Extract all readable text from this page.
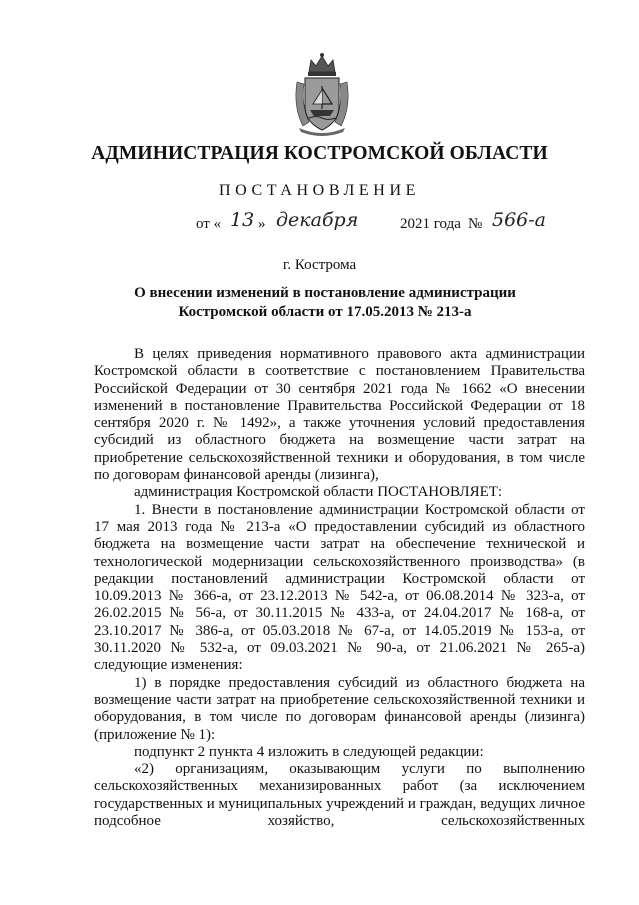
АДМИНИСТРАЦИЯ КОСТРОМСКОЙ ОБЛАСТИ
ПОСТАНОВЛЕНИЕ
от « 13 » декабря	2021 года № 566-а
г. Кострома
О внесении изменений в постановление администрации
Костромской области от 17.05.2013 № 213-а

В целях приведения нормативного правового акта администрации Костромской области в соответствие с постановлением Правительства Российской Федерации от 30 сентября 2021 года № 1662 «О внесении изменений в постановление Правительства Российской Федерации от 18 сентября 2020 г. № 1492», а также уточнения условий предоставления субсидий из областного бюджета на возмещение части затрат на приобретение сельскохозяйственной техники и оборудования, в том числе по договорам финансовой аренды (лизинга),

администрация Костромской области ПОСТАНОВЛЯЕТ:

1. Внести в постановление администрации Костромской области от 17 мая 2013 года № 213-а «О предоставлении субсидий из областного бюджета на возмещение части затрат на обеспечение технической и технологической модернизации сельскохозяйственного производства» (в редакции постановлений администрации Костромской области от 10.09.2013 № 366-а, от 23.12.2013 № 542-а, от 06.08.2014 № 323-а, от 26.02.2015 № 56-а, от 30.11.2015 № 433-а, от 24.04.2017 № 168-а, от 23.10.2017 № 386-а, от 05.03.2018 № 67-а, от 14.05.2019 № 153-а, от 30.11.2020 № 532-а, от 09.03.2021 № 90-а, от 21.06.2021 № 265-а) следующие изменения:

1) в порядке предоставления субсидий из областного бюджета на возмещение части затрат на приобретение сельскохозяйственной техники и оборудования, в том числе по договорам финансовой аренды (лизинга) (приложение № 1):

подпункт 2 пункта 4 изложить в следующей редакции:

«2) организациям, оказывающим услуги по выполнению сельскохозяйственных механизированных работ (за исключением государственных и муниципальных учреждений и граждан, ведущих личное подсобное хозяйство, сельскохозяйственных
